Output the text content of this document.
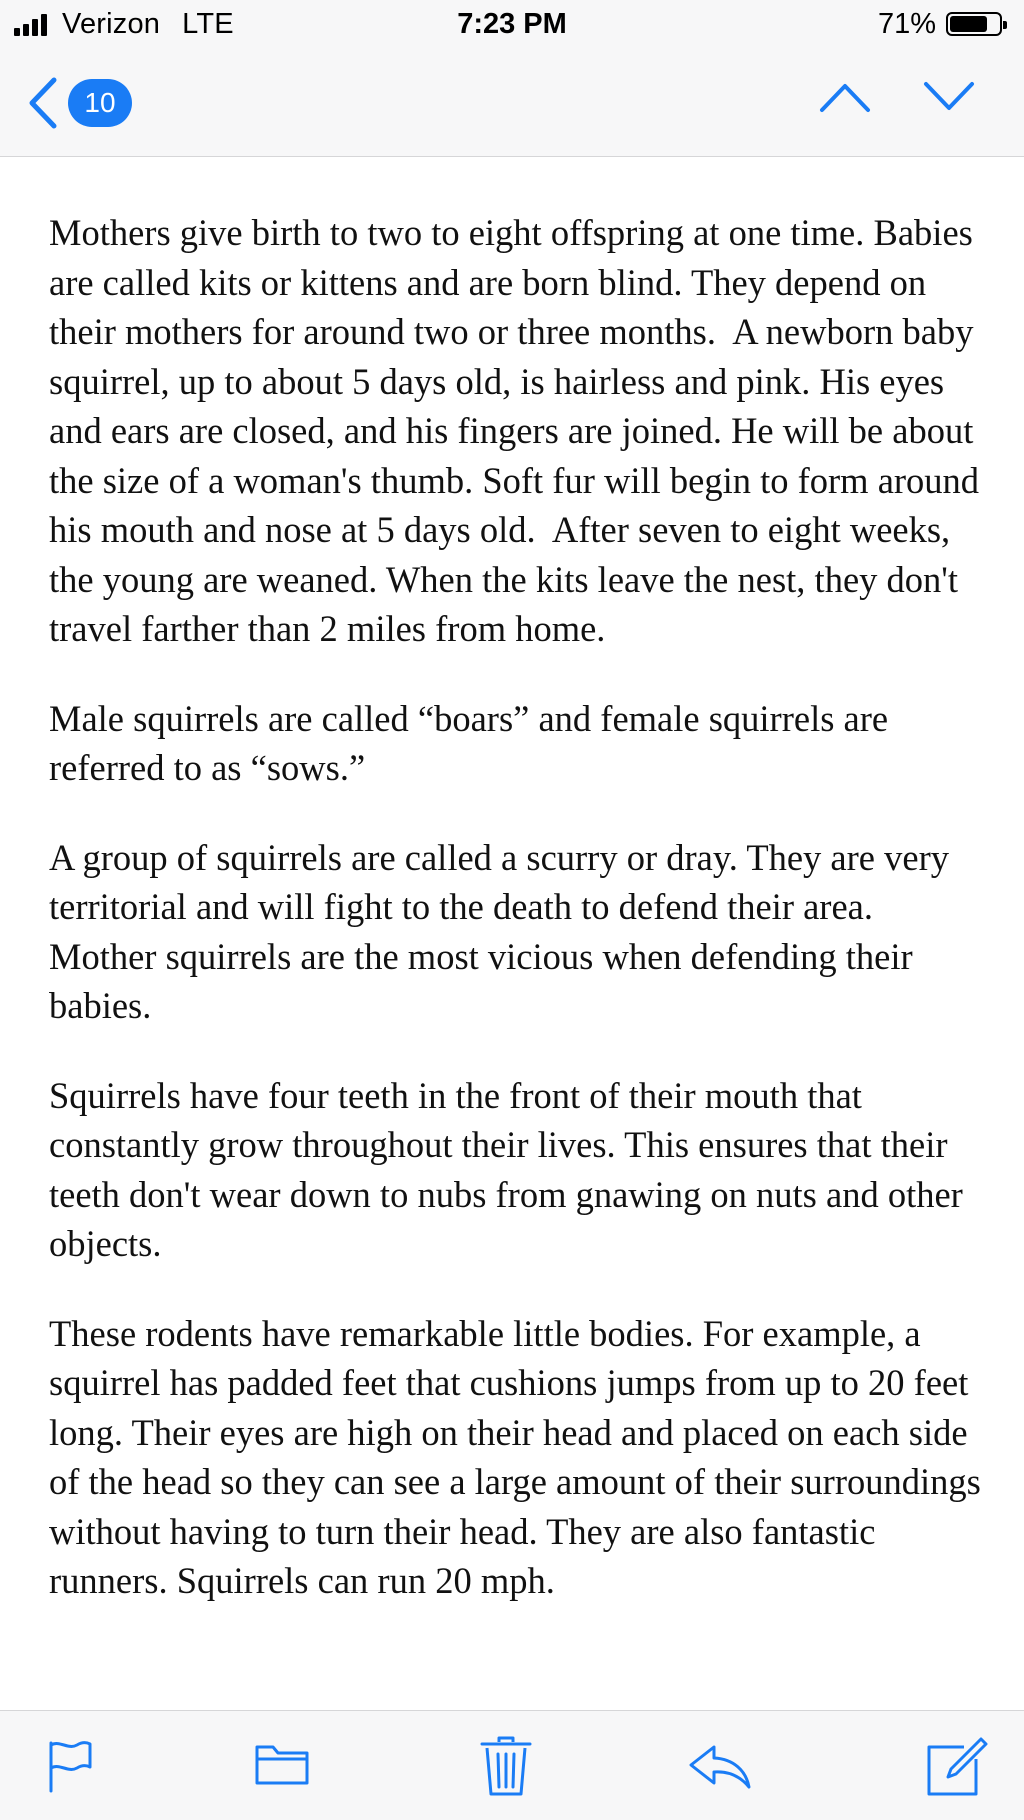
Verizon LTE	7:23 PM	71%
10

Mothers give birth to two to eight offspring at one time. Babies are called kits or kittens and are born blind. They depend on their mothers for around two or three months.  A newborn baby squirrel, up to about 5 days old, is hairless and pink. His eyes and ears are closed, and his fingers are joined. He will be about the size of a woman's thumb. Soft fur will begin to form around his mouth and nose at 5 days old.  After seven to eight weeks, the young are weaned. When the kits leave the nest, they don't travel farther than 2 miles from home.

Male squirrels are called “boars” and female squirrels are referred to as “sows.”

A group of squirrels are called a scurry or dray. They are very territorial and will fight to the death to defend their area. Mother squirrels are the most vicious when defending their babies.

Squirrels have four teeth in the front of their mouth that constantly grow throughout their lives. This ensures that their teeth don't wear down to nubs from gnawing on nuts and other objects.

These rodents have remarkable little bodies. For example, a squirrel has padded feet that cushions jumps from up to 20 feet long. Their eyes are high on their head and placed on each side of the head so they can see a large amount of their surroundings without having to turn their head. They are also fantastic runners. Squirrels can run 20 mph.
